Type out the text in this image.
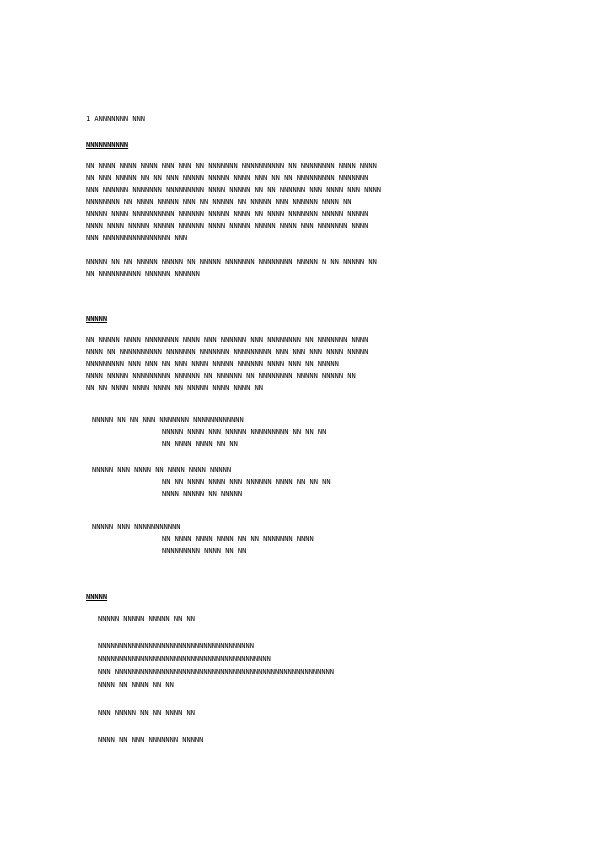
1 ANNNNNNN NNN
NNNNNNNNNN
NN NNNN NNNN NNNN NNN NNN NN NNNNNNN NNNNNNNNNN NN NNNNNNNN NNNN NNNN
NN NNN NNNNN NN NN NNN NNNNN NNNNN NNNN NNN NN NN NNNNNNNNN NNNNNNN
NNN NNNNNN NNNNNNN NNNNNNNNN NNNN NNNNN NN NN NNNNNN NNN NNNN NNN NNNN
NNNNNNNN NN NNNN NNNNN NNN NN NNNNN NN NNNNN NNN NNNNNN NNNN NN
NNNNN NNNN NNNNNNNNNN NNNNNN NNNNN NNNN NN NNNN NNNNNNN NNNNN NNNNN
NNNN NNNN NNNNN NNNNN NNNNNN NNNN NNNNN NNNNN NNNN NNN NNNNNNN NNNN
NNN NNNNNNNNNNNNNNNN NNN
NNNNN NN NN NNNNN NNNNN NN NNNNN NNNNNNN NNNNNNNN NNNNN N NN NNNNN NN
NN NNNNNNNNNN NNNNNN NNNNNN
NNNNN
NN NNNNN NNNN NNNNNNNN NNNN NNN NNNNNN NNN NNNNNNNN NN NNNNNNN NNNN
NNNN NN NNNNNNNNNN NNNNNNN NNNNNNN NNNNNNNNN NNN NNN NNN NNNN NNNNN
NNNNNNNNN NNN NNN NN NNN NNNN NNNNN NNNNNN NNNN NNN NN NNNNN
NNNN NNNNN NNNNNNNNN NNNNNN NN NNNNNN NN NNNNNNNN NNNNN NNNNN NN
NN NN NNNN NNNN NNNN NN NNNNN NNNN NNNN NN
NNNNN NN NN NNN NNNNNNN NNNNNNNNNNNN
NNNNN NNNN NNN NNNNN NNNNNNNNN NN NN NN
NN NNNN NNNN NN NN
NNNNN NNN NNNN NN NNNN NNNN NNNNN
NN NN NNNN NNNN NNN NNNNNN NNNN NN NN NN
NNNN NNNNN NN NNNNN
NNNNN NNN NNNNNNNNNNN
NN NNNN NNNN NNNN NN NN NNNNNNN NNNN
NNNNNNNNN NNNN NN NN
NNNNN
NNNNN NNNNN NNNNN NN NN
NNNNNNNNNNNNNNNNNNNNNNNNNNNNNNNNNNNNN
NNNNNNNNNNNNNNNNNNNNNNNNNNNNNNNNNNNNNNNNN
NNN NNNNNNNNNNNNNNNNNNNNNNNNNNNNNNNNNNNNNNNNNNNNNNNNNNNN
NNNN NN NNNN NN NN
NNN NNNNN NN NN NNNN NN
NNNN NN NNN NNNNNNN NNNNN
